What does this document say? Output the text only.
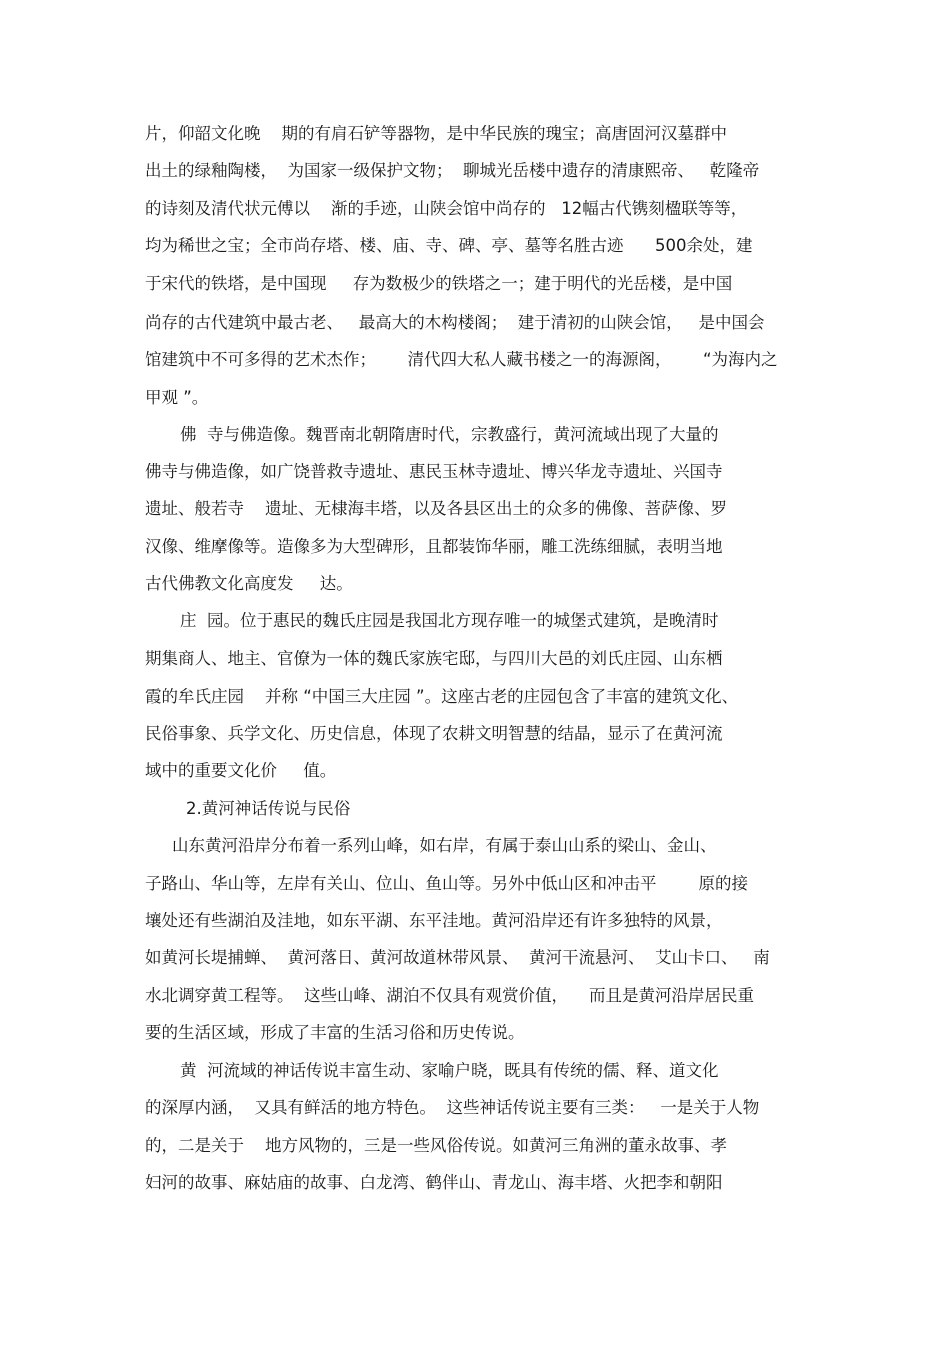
片，仰韶文化晚    期的有肩石铲等器物，是中华民族的瑰宝；高唐固河汉墓群中
出土的绿釉陶楼，  为国家一级保护文物；  聊城光岳楼中遗存的清康熙帝、   乾隆帝
的诗刻及清代状元傅以    渐的手迹，山陕会馆中尚存的   12幅古代镌刻楹联等等，
均为稀世之宝；全市尚存塔、楼、庙、寺、碑、亭、墓等名胜古迹      500余处，建
于宋代的铁塔，是中国现     存为数极少的铁塔之一；建于明代的光岳楼，是中国
尚存的古代建筑中最古老、   最高大的木构楼阁；  建于清初的山陕会馆，   是中国会
馆建筑中不可多得的艺术杰作；      清代四大私人藏书楼之一的海源阁，      “为海内之
甲观 ”。
佛  寺与佛造像。魏晋南北朝隋唐时代，宗教盛行，黄河流域出现了大量的
佛寺与佛造像，如广饶普救寺遗址、惠民玉林寺遗址、博兴华龙寺遗址、兴国寺
遗址、般若寺    遗址、无棣海丰塔，以及各县区出土的众多的佛像、菩萨像、罗
汉像、维摩像等。造像多为大型碑形，且都装饰华丽，雕工洗练细腻，表明当地
古代佛教文化高度发     达。
庄  园。位于惠民的魏氏庄园是我国北方现存唯一的城堡式建筑，是晚清时
期集商人、地主、官僚为一体的魏氏家族宅邸，与四川大邑的刘氏庄园、山东栖
霞的牟氏庄园    并称 “中国三大庄园 ”。这座古老的庄园包含了丰富的建筑文化、
民俗事象、兵学文化、历史信息，体现了农耕文明智慧的结晶，显示了在黄河流
域中的重要文化价     值。
2.黄河神话传说与民俗
山东黄河沿岸分布着一系列山峰，如右岸，有属于泰山山系的梁山、金山、
子路山、华山等，左岸有关山、位山、鱼山等。另外中低山区和冲击平        原的接
壤处还有些湖泊及洼地，如东平湖、东平洼地。黄河沿岸还有许多独特的风景，
如黄河长堤捕蝉、  黄河落日、黄河故道林带风景、  黄河干流悬河、  艾山卡口、   南
水北调穿黄工程等。  这些山峰、湖泊不仅具有观赏价值，    而且是黄河沿岸居民重
要的生活区域，形成了丰富的生活习俗和历史传说。
黄  河流域的神话传说丰富生动、家喻户晓，既具有传统的儒、释、道文化
的深厚内涵，  又具有鲜活的地方特色。  这些神话传说主要有三类：   一是关于人物
的，二是关于    地方风物的，三是一些风俗传说。如黄河三角洲的董永故事、孝
妇河的故事、麻姑庙的故事、白龙湾、鹤伴山、青龙山、海丰塔、火把李和朝阳
